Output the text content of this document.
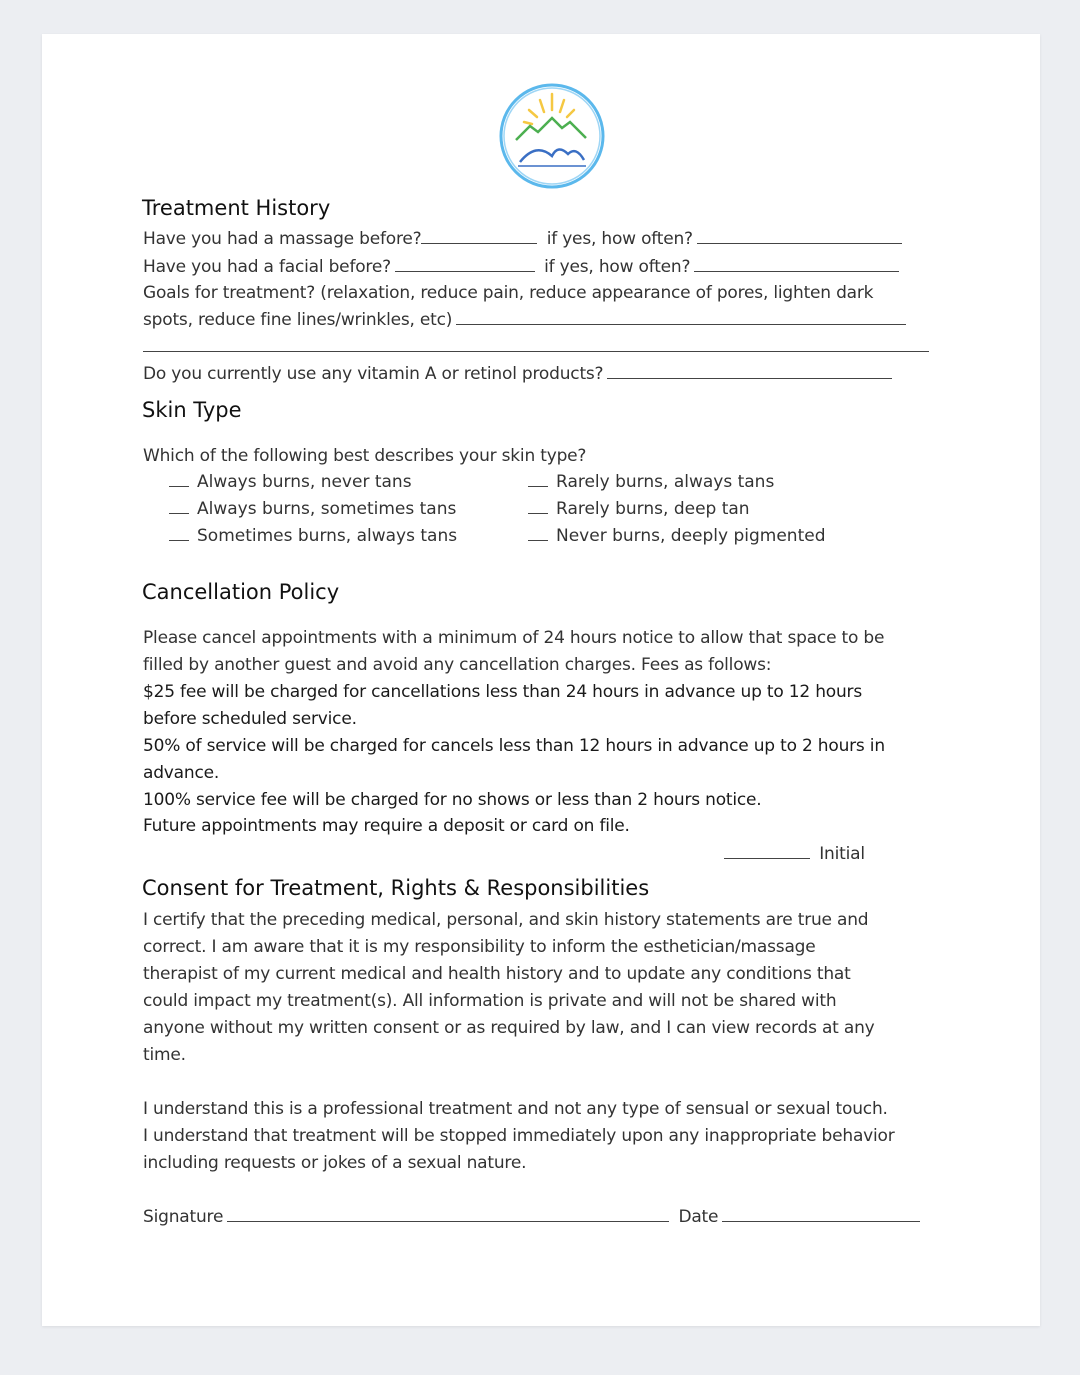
Treatment History
Have you had a massage before?	if yes, how often?
Have you had a facial before?	if yes, how often?
Goals for treatment? (relaxation, reduce pain, reduce appearance of pores, lighten dark
spots, reduce fine lines/wrinkles, etc)
Do you currently use any vitamin A or retinol products?
Skin Type
Which of the following best describes your skin type?
Always burns, never tans
Always burns, sometimes tans
Sometimes burns, always tans
Rarely burns, always tans
Rarely burns, deep tan
Never burns, deeply pigmented
Cancellation Policy
Please cancel appointments with a minimum of 24 hours notice to allow that space to be
filled by another guest and avoid any cancellation charges. Fees as follows:
$25 fee will be charged for cancellations less than 24 hours in advance up to 12 hours
before scheduled service.
50% of service will be charged for cancels less than 12 hours in advance up to 2 hours in
advance.
100% service fee will be charged for no shows or less than 2 hours notice.
Future appointments may require a deposit or card on file.
Initial
Consent for Treatment, Rights & Responsibilities
I certify that the preceding medical, personal, and skin history statements are true and
correct. I am aware that it is my responsibility to inform the esthetician/massage
therapist of my current medical and health history and to update any conditions that
could impact my treatment(s). All information is private and will not be shared with
anyone without my written consent or as required by law, and I can view records at any
time.
I understand this is a professional treatment and not any type of sensual or sexual touch.
I understand that treatment will be stopped immediately upon any inappropriate behavior
including requests or jokes of a sexual nature.
Signature	Date
